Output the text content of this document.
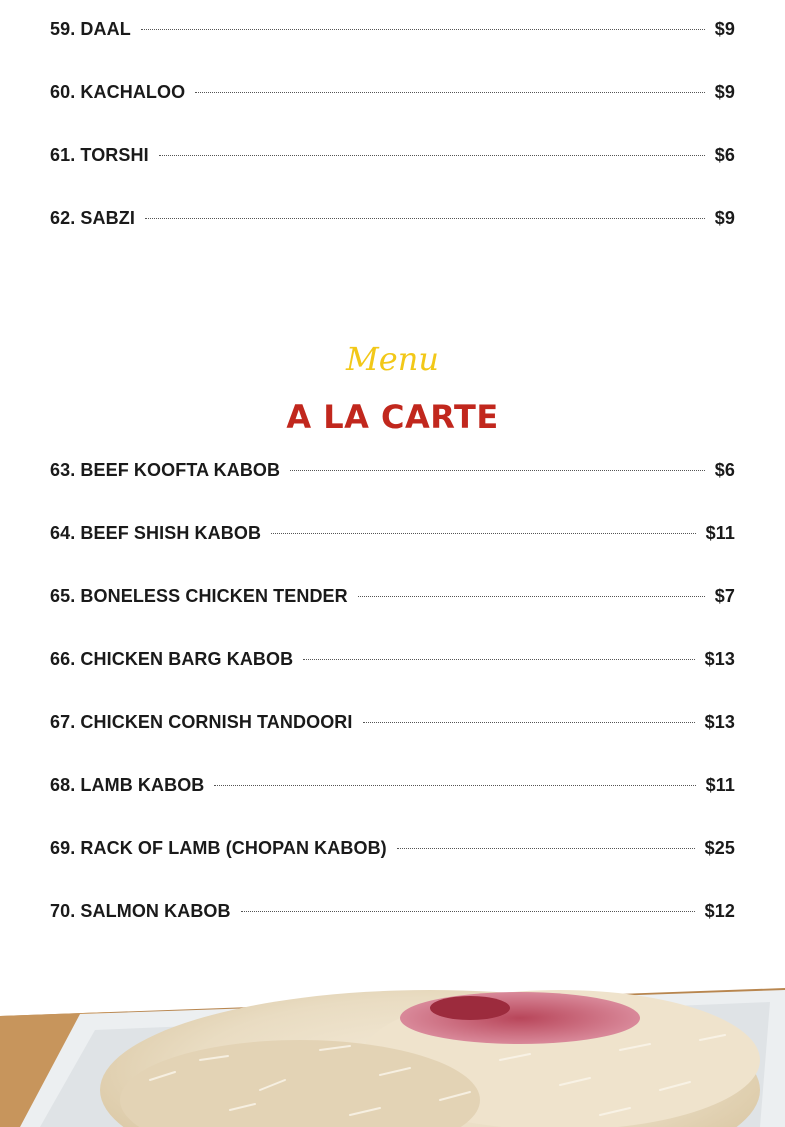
59. DAAL	$9
60. KACHALOO	$9
61. TORSHI	$6
62. SABZI	$9
Menu
A LA CARTE
63. BEEF KOOFTA KABOB	$6
64. BEEF SHISH KABOB	$11
65. BONELESS CHICKEN TENDER	$7
66. CHICKEN BARG KABOB	$13
67. CHICKEN CORNISH TANDOORI	$13
68. LAMB KABOB	$11
69. RACK OF LAMB (CHOPAN KABOB)	$25
70. SALMON KABOB	$12
